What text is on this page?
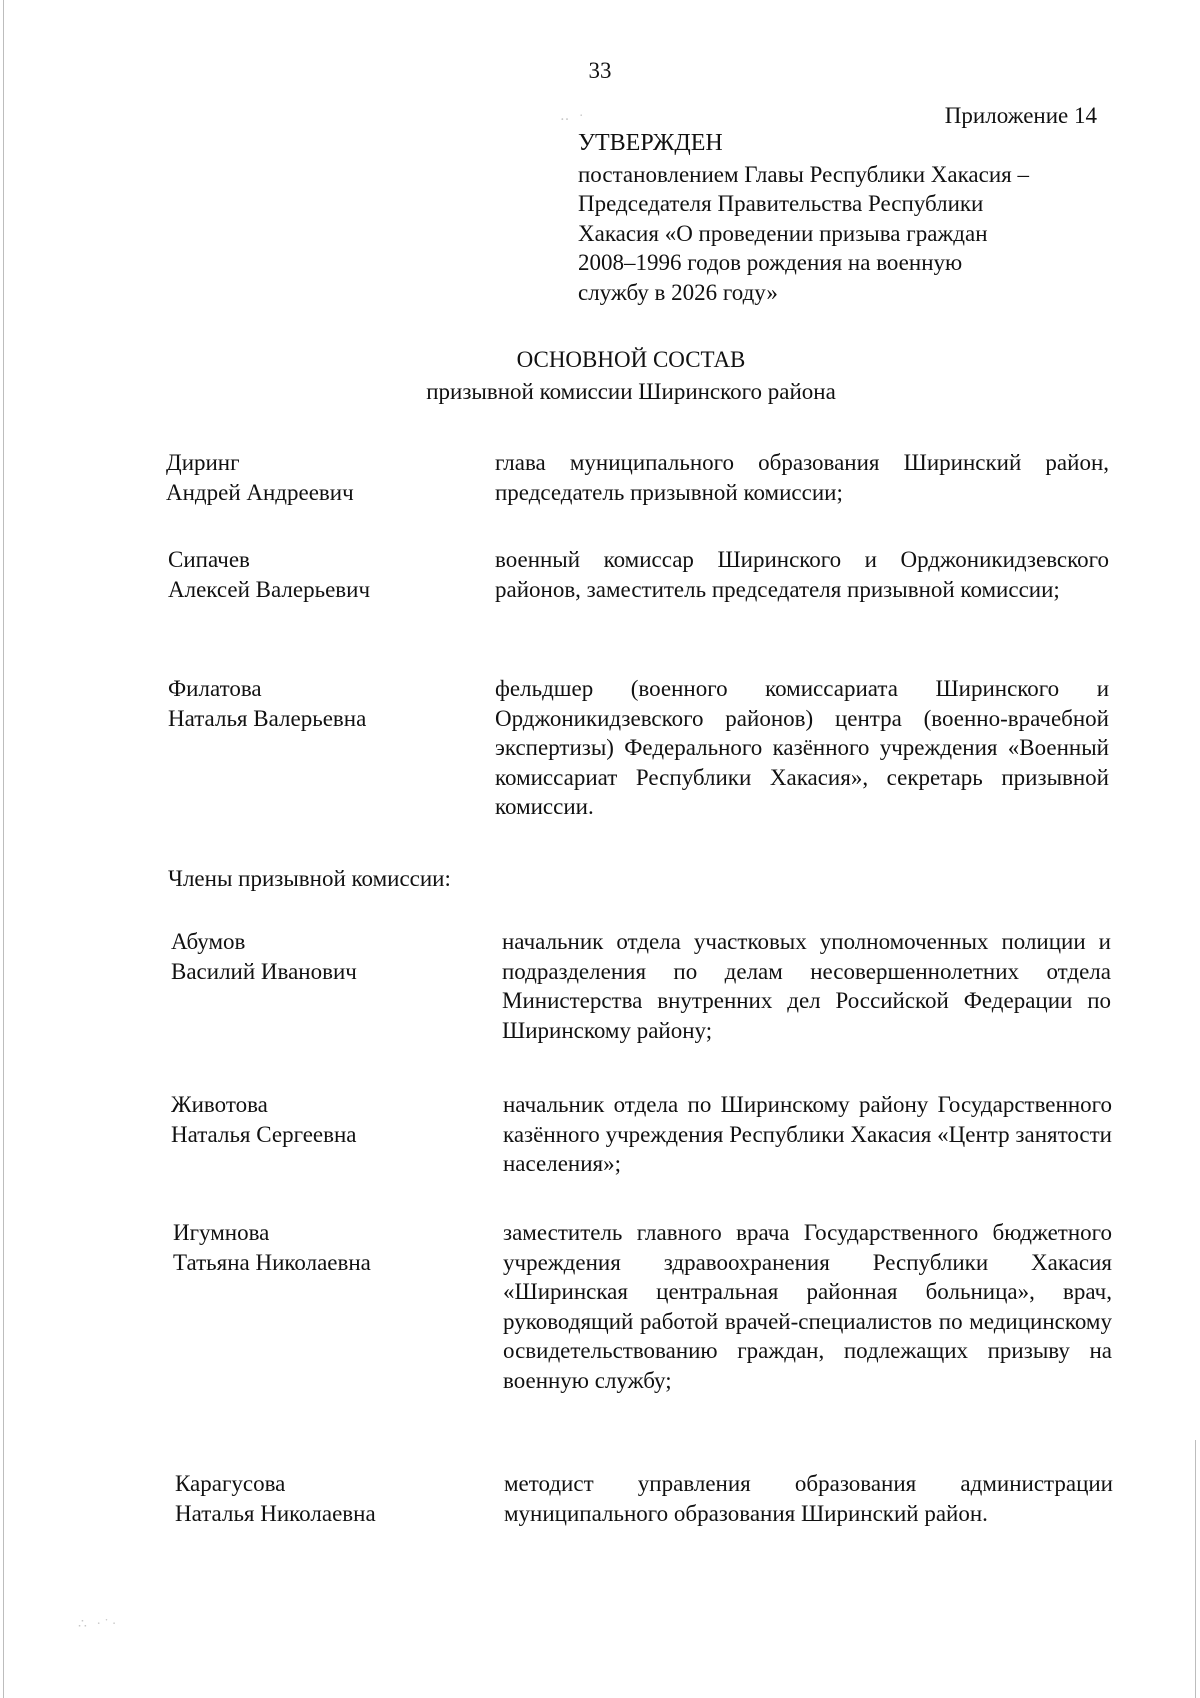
‥ ·
∴ ·˙·
33
Приложение 14
УТВЕРЖДЕН
постановлением Главы Республики Хакасия –
Председателя Правительства Республики
Хакасия «О проведении призыва граждан
2008–1996 годов рождения на военную
службу в 2026 году»
ОСНОВНОЙ СОСТАВ
призывной комиссии Ширинского района
Диринг
Андрей Андреевич
глава муниципального образования Ширинский район, председатель призывной комиссии;
Сипачев
Алексей Валерьевич
военный комиссар Ширинского и Орджоникидзевского районов, заместитель председателя призывной комиссии;
Филатова
Наталья Валерьевна
фельдшер (военного комиссариата Ширинского и Орджоникидзевского районов) центра (военно-врачебной экспертизы) Федерального казённого учреждения «Военный комиссариат Республики Хакасия», секретарь призывной комиссии.
Члены призывной комиссии:
Абумов
Василий Иванович
начальник отдела участковых уполномоченных полиции и подразделения по делам несовершеннолетних отдела Министерства внутренних дел Российской Федерации по Ширинскому району;
Животова
Наталья Сергеевна
начальник отдела по Ширинскому району Государственного казённого учреждения Республики Хакасия «Центр занятости населения»;
Игумнова
Татьяна Николаевна
заместитель главного врача Государственного бюджетного учреждения здравоохранения Республики Хакасия «Ширинская центральная районная больница», врач, руководящий работой врачей-специалистов по медицинскому освидетельствованию граждан, подлежащих призыву на военную службу;
Карагусова
Наталья Николаевна
методист управления образования администрации муниципального образования Ширинский район.
